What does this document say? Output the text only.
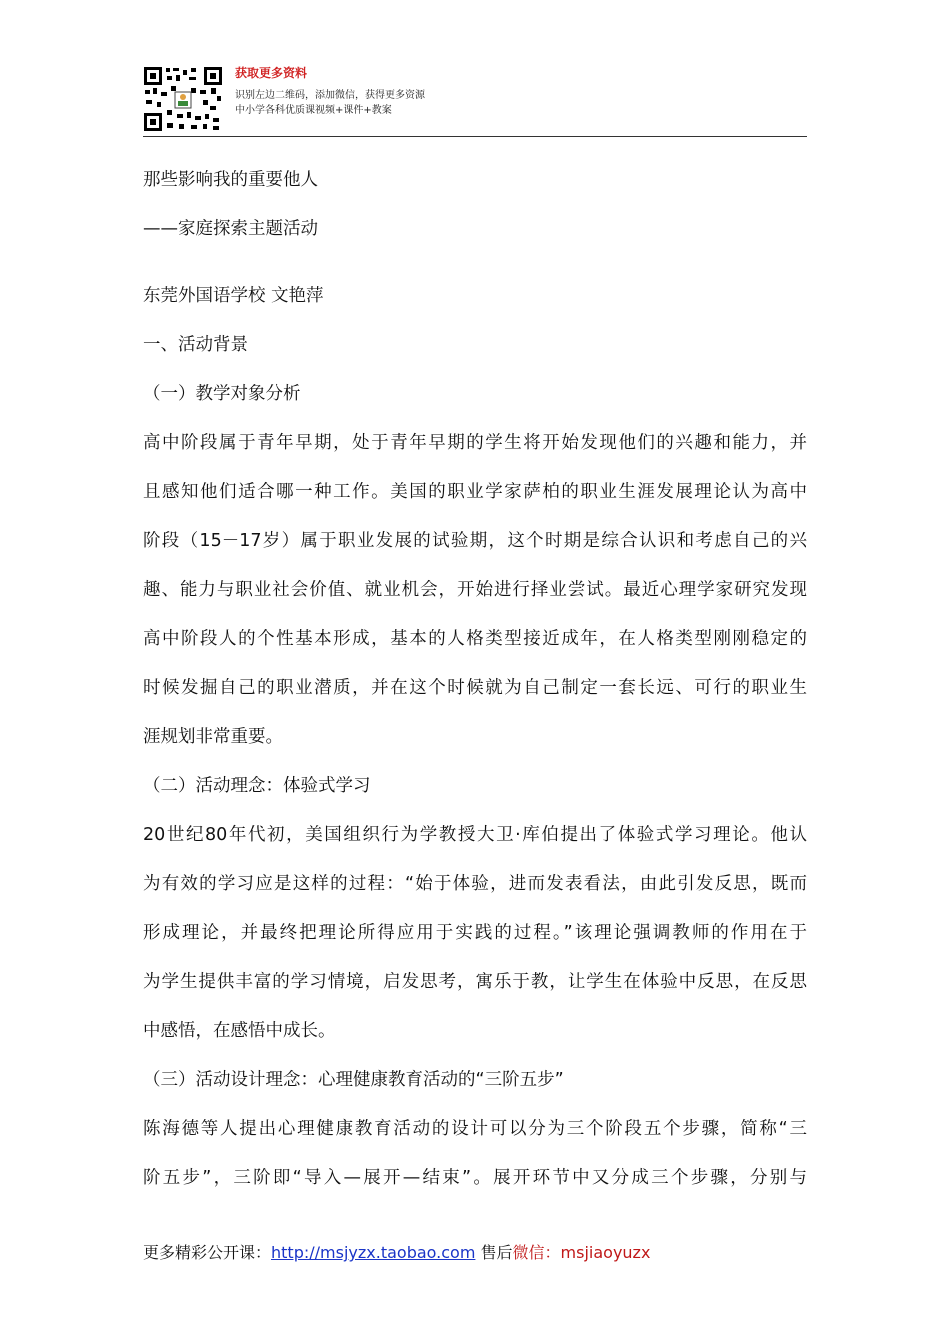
获取更多资料
识别左边二维码，添加微信，获得更多资源
中小学各科优质课视频+课件+教案
那些影响我的重要他人
——家庭探索主题活动
东莞外国语学校 文艳萍
一、活动背景
（一）教学对象分析
高中阶段属于青年早期，处于青年早期的学生将开始发现他们的兴趣和能力，并
且感知他们适合哪一种工作。美国的职业学家萨柏的职业生涯发展理论认为高中
阶段（15－17岁）属于职业发展的试验期，这个时期是综合认识和考虑自己的兴
趣、能力与职业社会价值、就业机会，开始进行择业尝试。最近心理学家研究发现
高中阶段人的个性基本形成，基本的人格类型接近成年，在人格类型刚刚稳定的
时候发掘自己的职业潜质，并在这个时候就为自己制定一套长远、可行的职业生
涯规划非常重要。
（二）活动理念：体验式学习
20世纪80年代初，美国组织行为学教授大卫·库伯提出了体验式学习理论。他认
为有效的学习应是这样的过程：“始于体验，进而发表看法，由此引发反思，既而
形成理论，并最终把理论所得应用于实践的过程。”该理论强调教师的作用在于
为学生提供丰富的学习情境，启发思考，寓乐于教，让学生在体验中反思，在反思
中感悟，在感悟中成长。
（三）活动设计理念：心理健康教育活动的“三阶五步”
陈海德等人提出心理健康教育活动的设计可以分为三个阶段五个步骤，简称“三
阶五步”，三阶即“导入—展开—结束”。展开环节中又分成三个步骤，分别与
更多精彩公开课：http://msjyzx.taobao.com 售后微信：msjiaoyuzx
